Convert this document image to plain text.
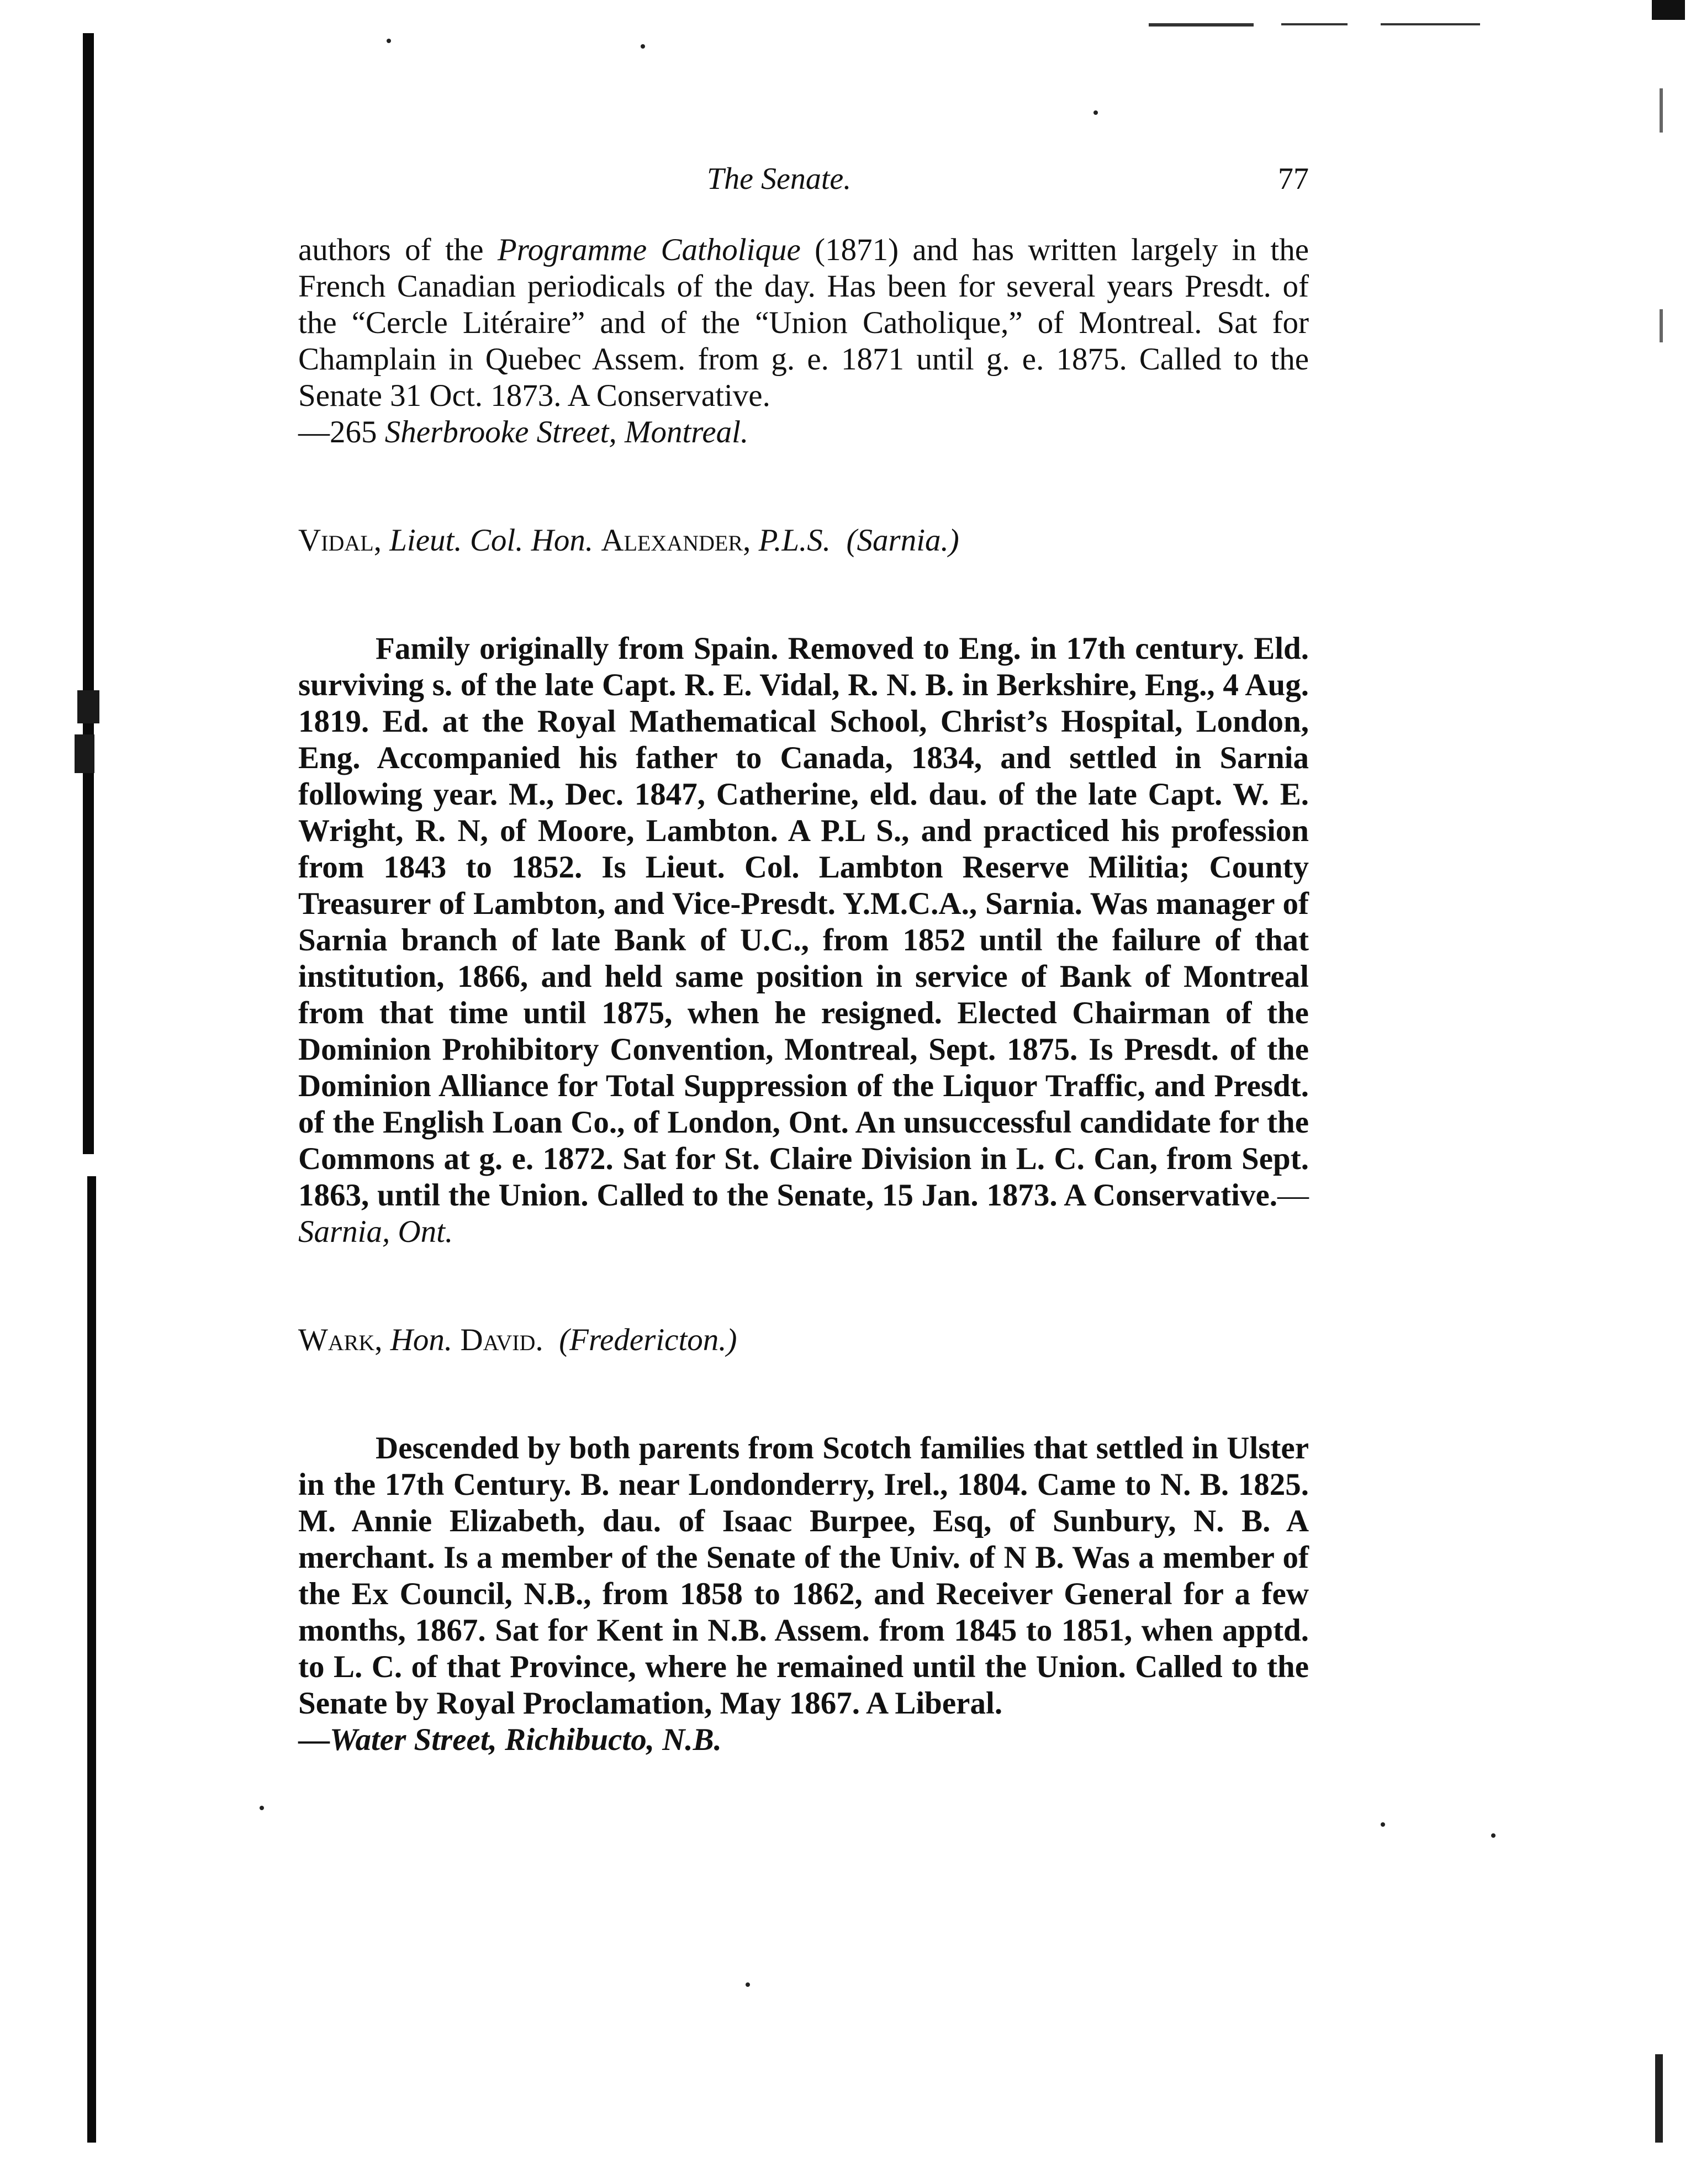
The Senate.	77

authors of the Programme Catholique (1871) and has written largely in the French Canadian periodicals of the day. Has been for several years Presdt. of the “Cercle Litéraire” and of the “Union Catholique,” of Montreal. Sat for Champlain in Quebec Assem. from g. e. 1871 until g. e. 1875. Called to the Senate 31 Oct. 1873. A Conservative.

—265 Sherbrooke Street, Montreal.

Vidal, Lieut. Col. Hon. Alexander, P.L.S. (Sarnia.)

Family originally from Spain. Removed to Eng. in 17th century. Eld. surviving s. of the late Capt. R. E. Vidal, R. N. B. in Berkshire, Eng., 4 Aug. 1819. Ed. at the Royal Mathematical School, Christ’s Hospital, London, Eng. Accompanied his father to Canada, 1834, and settled in Sarnia following year. M., Dec. 1847, Catherine, eld. dau. of the late Capt. W. E. Wright, R. N, of Moore, Lambton. A P.L S., and practiced his profession from 1843 to 1852. Is Lieut. Col. Lambton Reserve Militia; County Treasurer of Lambton, and Vice-Presdt. Y.M.C.A., Sarnia. Was manager of Sarnia branch of late Bank of U.C., from 1852 until the failure of that institution, 1866, and held same position in service of Bank of Montreal from that time until 1875, when he resigned. Elected Chairman of the Dominion Prohibitory Convention, Montreal, Sept. 1875. Is Presdt. of the Dominion Alliance for Total Suppression of the Liquor Traffic, and Presdt. of the English Loan Co., of London, Ont. An unsuccessful candidate for the Commons at g. e. 1872. Sat for St. Claire Division in L. C. Can, from Sept. 1863, until the Union. Called to the Senate, 15 Jan. 1873. A Conservative.—Sarnia, Ont.

Wark, Hon. David. (Fredericton.)

Descended by both parents from Scotch families that settled in Ulster in the 17th Century. B. near Londonderry, Irel., 1804. Came to N. B. 1825. M. Annie Elizabeth, dau. of Isaac Burpee, Esq, of Sunbury, N. B. A merchant. Is a member of the Senate of the Univ. of N B. Was a member of the Ex Council, N.B., from 1858 to 1862, and Receiver General for a few months, 1867. Sat for Kent in N.B. Assem. from 1845 to 1851, when apptd. to L. C. of that Province, where he remained until the Union. Called to the Senate by Royal Proclamation, May 1867. A Liberal.

—Water Street, Richibucto, N.B.
